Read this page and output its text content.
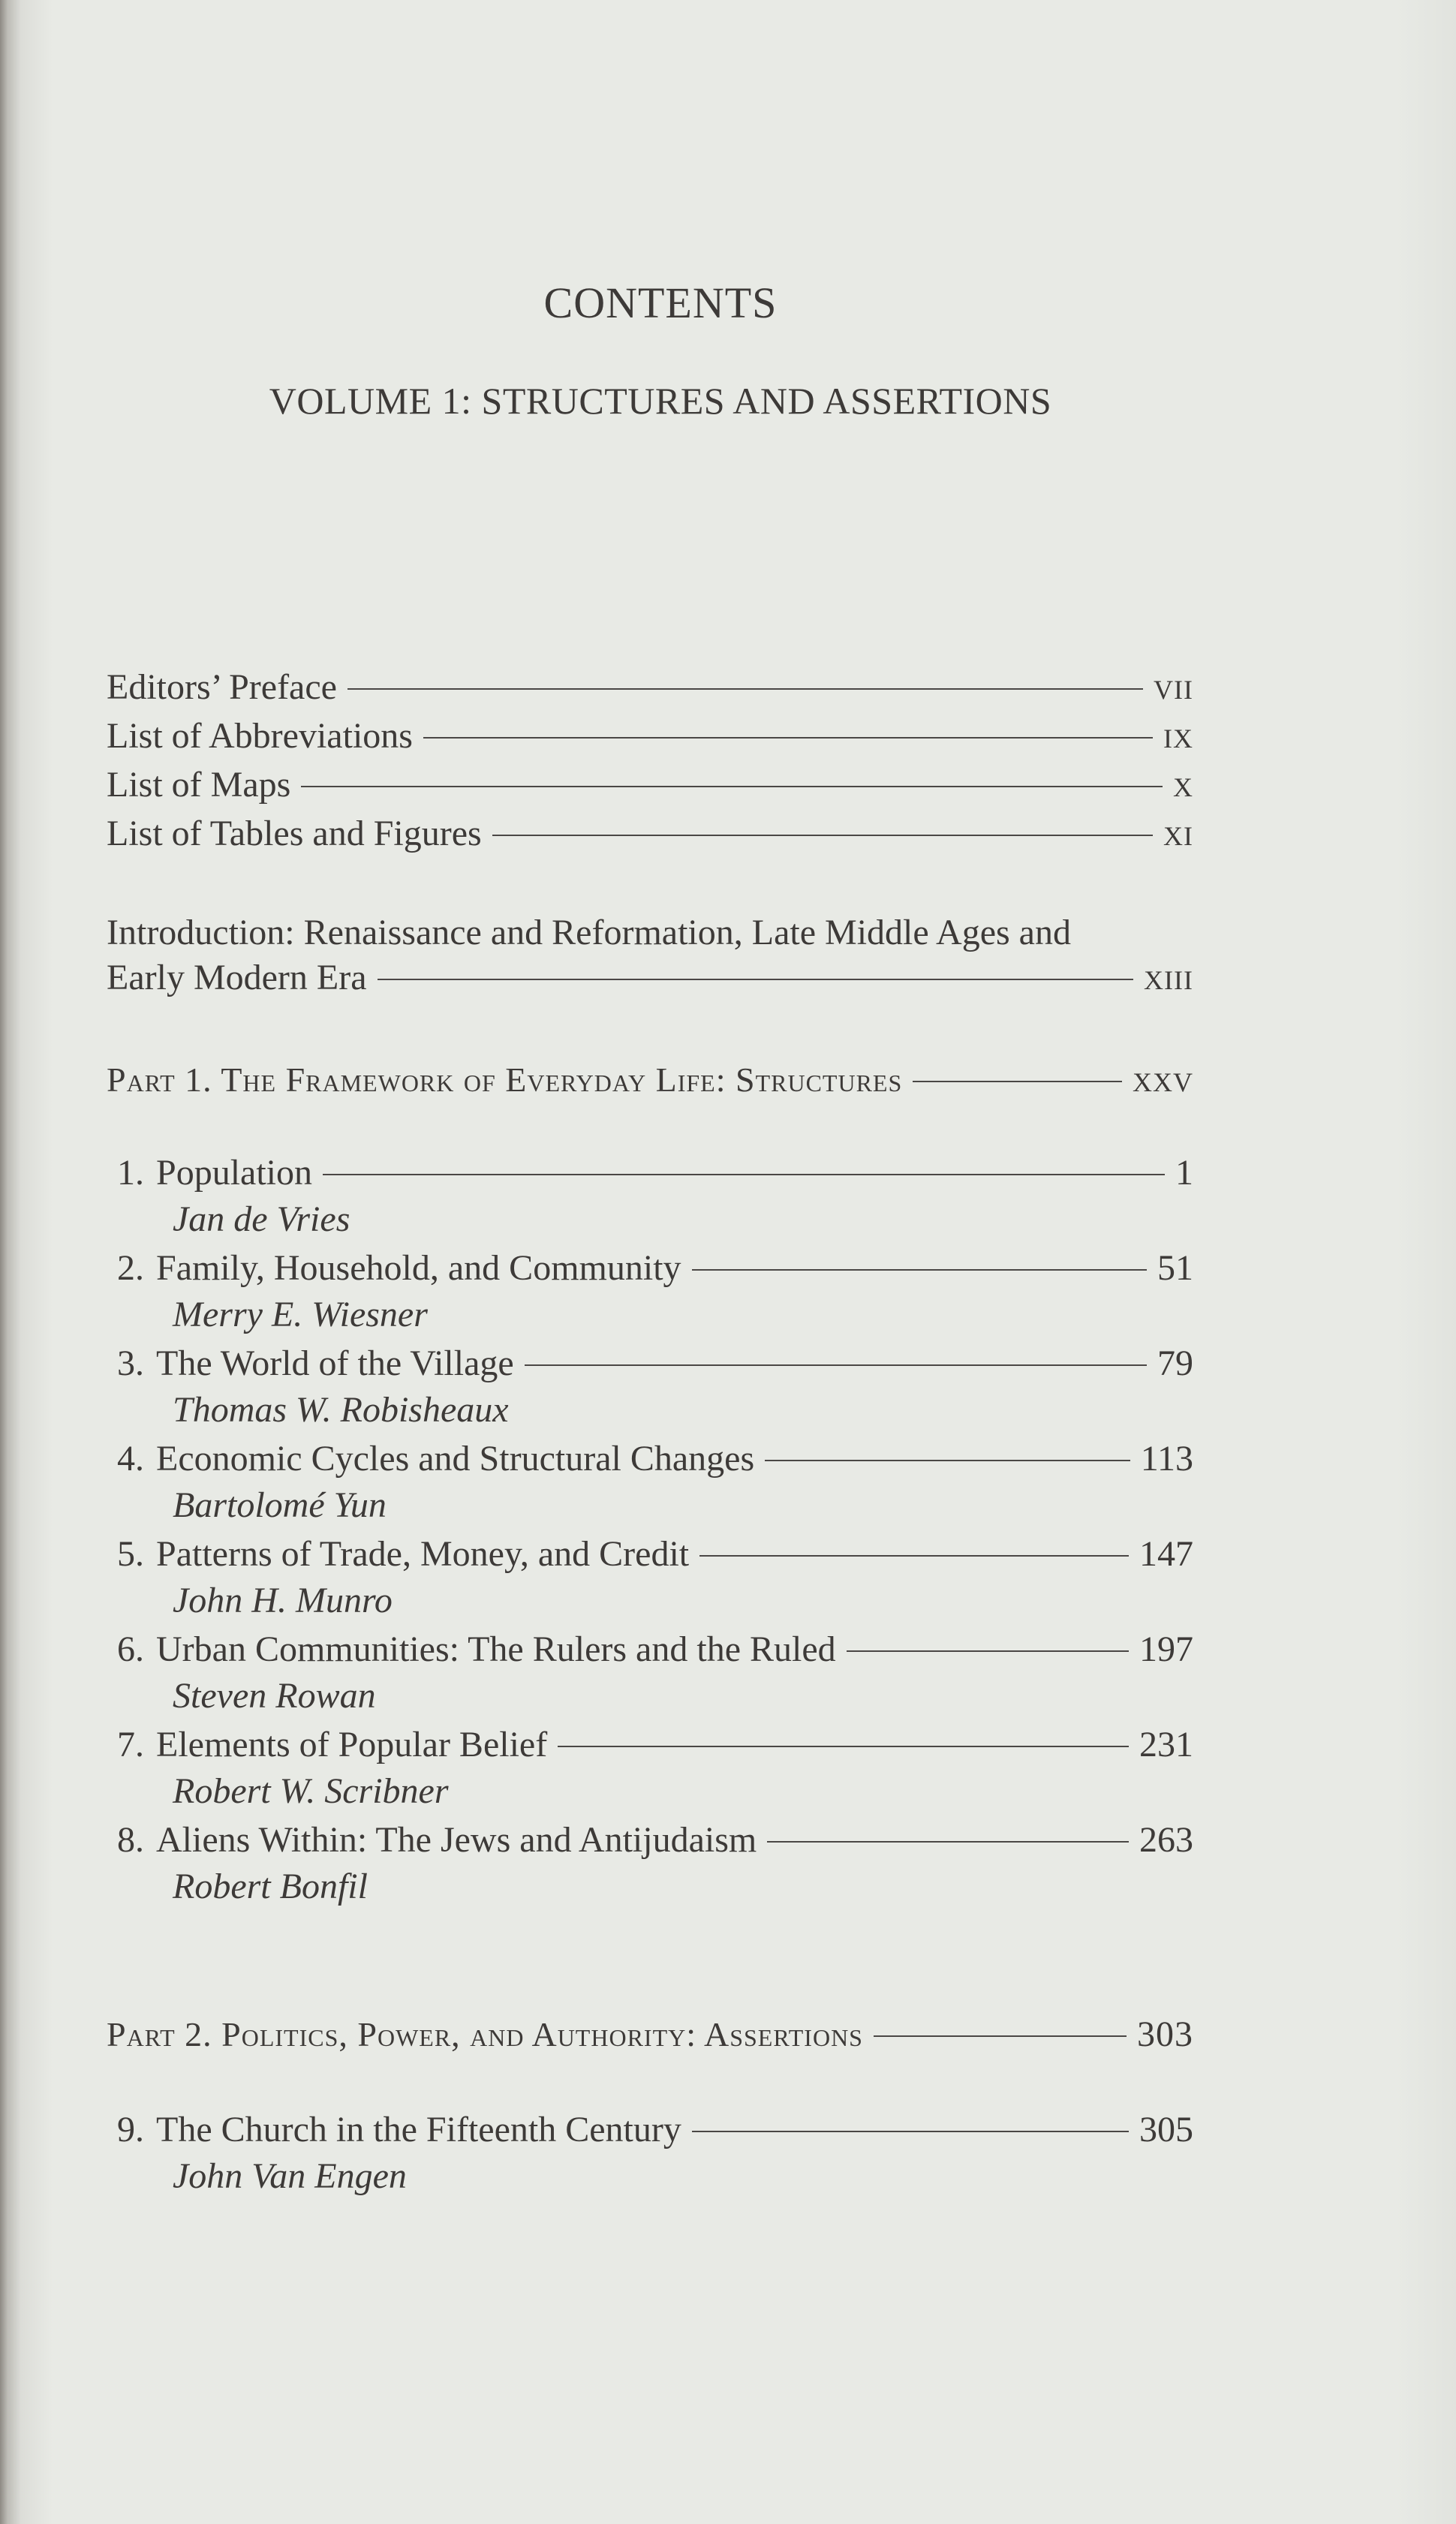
CONTENTS
VOLUME 1: STRUCTURES AND ASSERTIONS
Editors’ Preface	VII
List of Abbreviations	IX
List of Maps	X
List of Tables and Figures	XI
Introduction: Renaissance and Reformation, Late Middle Ages and
Early Modern Era	XIII
Part 1. The Framework of Everyday Life: Structures	XXV
1. Population	1
Jan de Vries
2. Family, Household, and Community	51
Merry E. Wiesner
3. The World of the Village	79
Thomas W. Robisheaux
4. Economic Cycles and Structural Changes	113
Bartolomé Yun
5. Patterns of Trade, Money, and Credit	147
John H. Munro
6. Urban Communities: The Rulers and the Ruled	197
Steven Rowan
7. Elements of Popular Belief	231
Robert W. Scribner
8. Aliens Within: The Jews and Antijudaism	263
Robert Bonfil
Part 2. Politics, Power, and Authority: Assertions	303
9. The Church in the Fifteenth Century	305
John Van Engen
